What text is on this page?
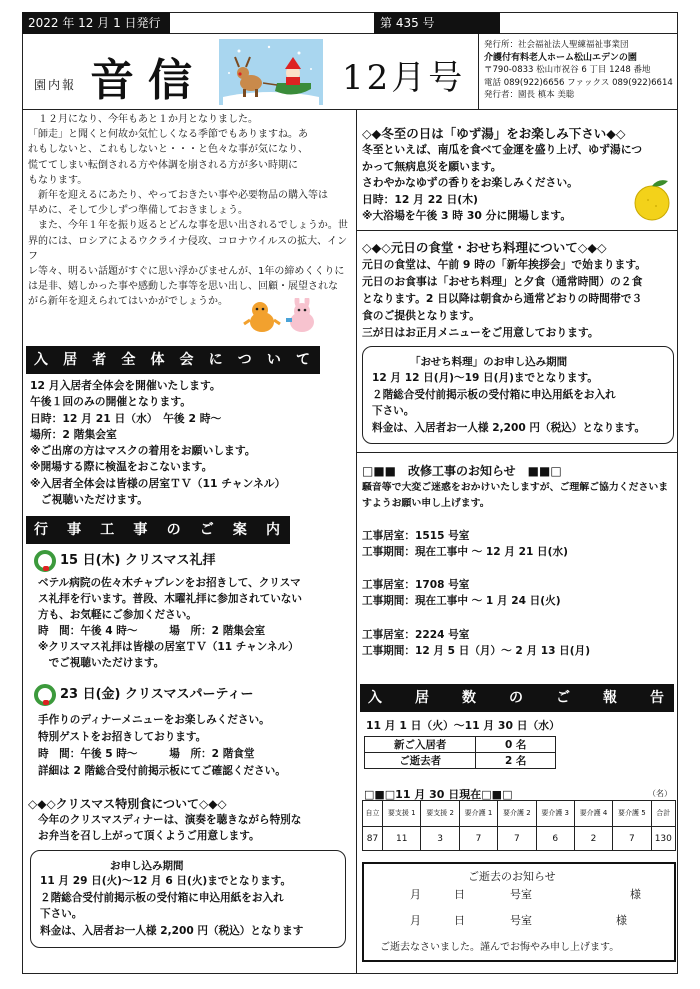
2022 年 12 月 1 日発行	第 435 号
園内報 音信	12月号
発行所：社会福祉法人聖練福祉事業団
介護付有料老人ホーム松山エデンの園
〒790-0833 松山市祝谷 6 丁目 1248 番地
電話 089(922)6656 ファックス 089(922)6614
発行者：園長 槙本 美聡
　１２月になり、今年もあと１か月となりました。
「師走」と聞くと何故か気忙しくなる季節でもありますね。あ
れもしないと、これもしないと・・・と色々な事が気になり、
慌ててしまい転倒される方や体調を崩される方が多い時期に
もなります。
　新年を迎えるにあたり、やっておきたい事や必要物品の購入等は
早めに、そして少しずつ準備しておきましょう。
　また、今年１年を振り返るとどんな事を思い出されるでしょうか。世
界的には、ロシアによるウクライナ侵攻、コロナウイルスの拡大、インフ
レ等々、明るい話題がすぐに思い浮かびませんが、1年の締めくくりに
は是非、嬉しかった事や感動した事等を思い出し、回顧・展望されな
がら新年を迎えられてはいかがでしょうか。
入 居 者 全 体 会 に つ い て
12 月入居者全体会を開催いたします。
午後１回のみの開催となります。
日時：12 月 21 日（水）　午後 2 時～
場所：2 階集会室
※ご出席の方はマスクの着用をお願いします。
※開場する際に検温をおこないます。
※入居者全体会は皆様の居室ＴＶ（11 チャンネル）
　ご視聴いただけます。
行 事 工 事 の ご 案 内
15 日(木) クリスマス礼拝
ベテル病院の佐々木チャプレンをお招きして、クリスマ
ス礼拝を行います。普段、木曜礼拝に参加されていない
方も、お気軽にご参加ください。
時　間：午後 4 時～　　　場　所：2 階集会室
※クリスマス礼拝は皆様の居室ＴＶ（11 チャンネル）
　でご視聴いただけます。
23 日(金) クリスマスパーティー
手作りのディナーメニューをお楽しみください。
特別ゲストをお招きしております。
時　間：午後 5 時～　　　場　所：2 階食堂
詳細は 2 階総合受付前掲示板にてご確認ください。
◇◆◇クリスマス特別食について◇◆◇
今年のクリスマスディナーは、演奏を聴きながら特別な
お弁当を召し上がって頂くようご用意します。
お申し込み期間
11 月 29 日(火)～12 月 6 日(火)までとなります。
２階総合受付前掲示板の受付箱に申込用紙をお入れ
下さい。
料金は、入居者お一人様 2,200 円（税込）となります
◇◆冬至の日は「ゆず湯」をお楽しみ下さい◆◇
冬至といえば、南瓜を食べて金運を盛り上げ、ゆず湯につ
かって無病息災を願います。
さわやかなゆずの香りをお楽しみください。
日時：12 月 22 日(木)
※大浴場を午後 3 時 30 分に開場します。
◇◆◇元日の食堂・おせち料理について◇◆◇
元日の食堂は、午前 9 時の「新年挨拶会」で始まります。
元日のお食事は「おせち料理」と夕食（通常時間）の２食
となります。2 日以降は朝食から通常どおりの時間帯で３
食のご提供となります。
三が日はお正月メニューをご用意しております。
「おせち料理」のお申し込み期間
12 月 12 日(月)～19 日(月)までとなります。
２階総合受付前掲示板の受付箱に申込用紙をお入れ
下さい。
料金は、入居者お一人様 2,200 円（税込）となります。
□■■　改修工事のお知らせ　■■□
騒音等で大変ご迷惑をおかけいたしますが、ご理解ご協力くださいま
すようお願い申し上げます。
工事居室：1515 号室
工事期間：現在工事中 ～ 12 月 21 日(水)
工事居室：1708 号室
工事期間：現在工事中 ～ 1 月 24 日(火)
工事居室：2224 号室
工事期間：12 月 5 日（月）～ 2 月 13 日(月)
入 居 数 の ご 報 告
11 月 1 日（火）～11 月 30 日（水）
新ご入居者	0 名
ご逝去者	2 名
□■□11 月 30 日現在□■□	（名）
自立	要支援 1	要支援 2	要介護 1	要介護 2	要介護 3	要介護 4	要介護 5	合計
87	11	3	7	7	6	2	7	130
ご逝去のお知らせ
月	日	号室	様
月	日	号室	様
ご逝去なさいました。謹んでお悔やみ申し上げます。
